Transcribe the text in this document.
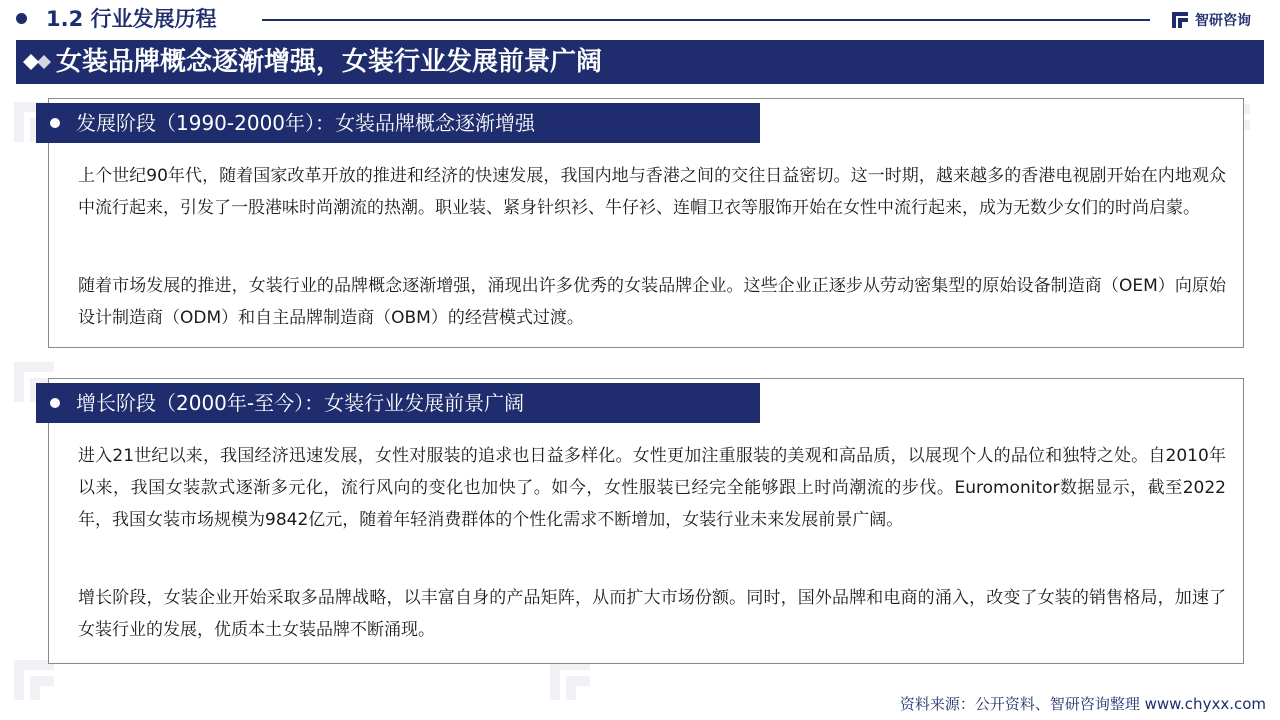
1.2 行业发展历程	智研咨询
女装品牌概念逐渐增强，女装行业发展前景广阔
发展阶段（1990-2000年）：女装品牌概念逐渐增强
上个世纪90年代，随着国家改革开放的推进和经济的快速发展，我国内地与香港之间的交往日益密切。这一时期，越来越多的香港电视剧开始在内地观众中流行起来，引发了一股港味时尚潮流的热潮。职业装、紧身针织衫、牛仔衫、连帽卫衣等服饰开始在女性中流行起来，成为无数少女们的时尚启蒙。
随着市场发展的推进，女装行业的品牌概念逐渐增强，涌现出许多优秀的女装品牌企业。这些企业正逐步从劳动密集型的原始设备制造商（OEM）向原始设计制造商（ODM）和自主品牌制造商（OBM）的经营模式过渡。
增长阶段（2000年-至今）：女装行业发展前景广阔
进入21世纪以来，我国经济迅速发展，女性对服装的追求也日益多样化。女性更加注重服装的美观和高品质，以展现个人的品位和独特之处。自2010年以来，我国女装款式逐渐多元化，流行风向的变化也加快了。如今，女性服装已经完全能够跟上时尚潮流的步伐。Euromonitor数据显示，截至2022年，我国女装市场规模为9842亿元，随着年轻消费群体的个性化需求不断增加，女装行业未来发展前景广阔。
增长阶段，女装企业开始采取多品牌战略，以丰富自身的产品矩阵，从而扩大市场份额。同时，国外品牌和电商的涌入，改变了女装的销售格局，加速了女装行业的发展，优质本土女装品牌不断涌现。
资料来源：公开资料、智研咨询整理 www.chyxx.com
